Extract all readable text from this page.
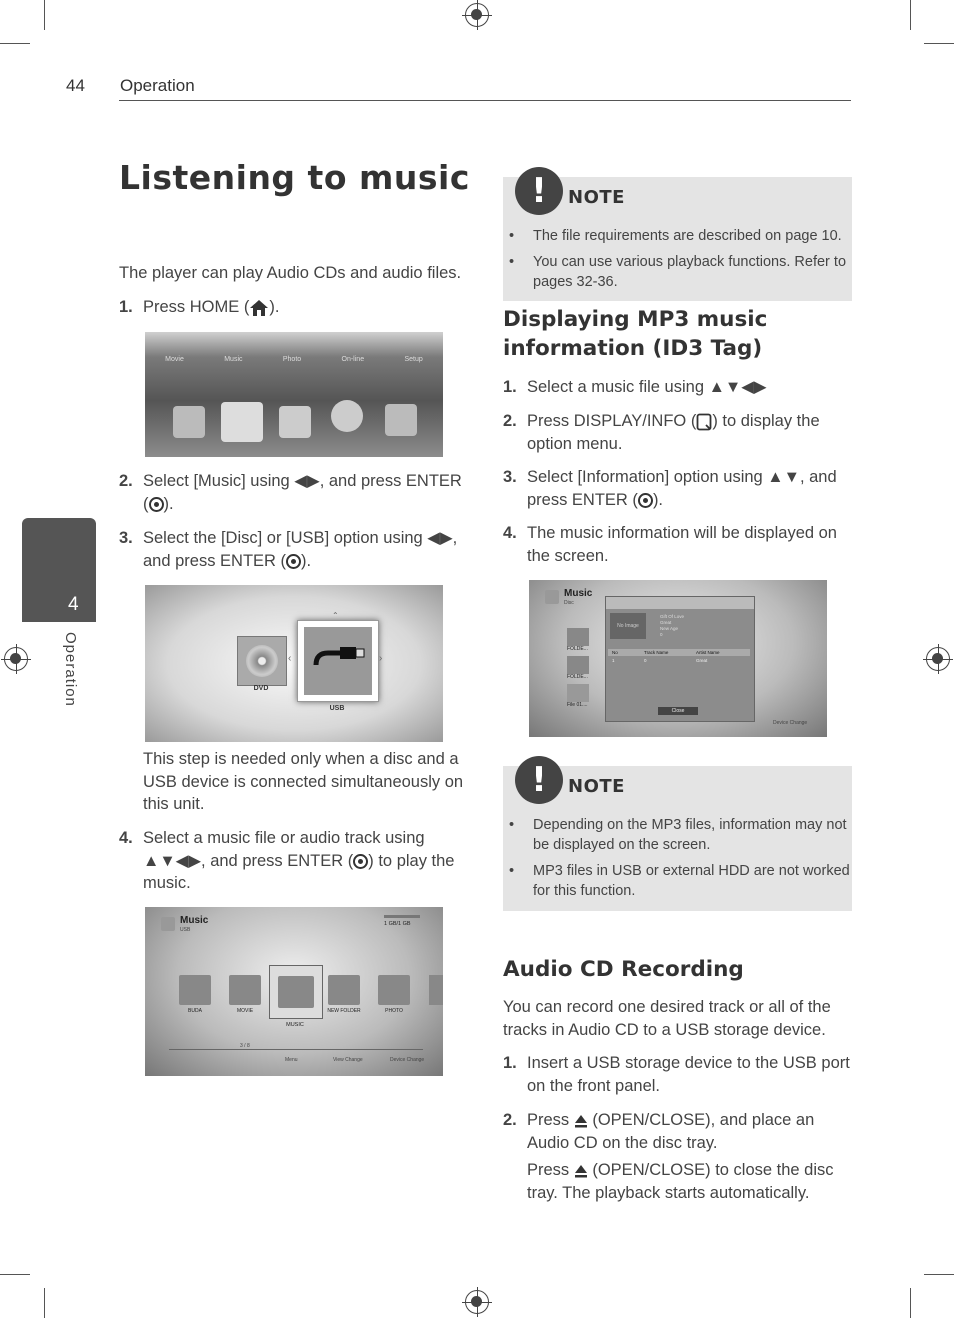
44 Operation
4
Operation
Listening to music
The player can play Audio CDs and audio files.
1. Press HOME ( ).
Movie	Music	Photo	On-line	Setup
2. Select [Music] using ◀▶, and press ENTER ( ).
3. Select the [Disc] or [USB] option using ◀▶, and press ENTER ( ).
DVD
USB
⌃
‹	›
This step is needed only when a disc and a USB device is connected simultaneously on this unit.
4. Select a music file or audio track using ▲▼◀▶, and press ENTER ( ) to play the music.
Music
USB
1 GB/1 GB
BUDA	MOVIE
MUSIC
NEW FOLDER	PHOTO
3 / 8
Menu	View Change	Device Change
!	NOTE
• The file requirements are described on page 10.
• You can use various playback functions. Refer to pages 32-36.
Displaying MP3 music information (ID3 Tag)
1. Select a music file using ▲▼◀▶
2. Press DISPLAY/INFO ( ) to display the option menu.
3. Select [Information] option using ▲▼, and press ENTER ( ).
4. The music information will be displayed on the screen.
Music
Disc
FOLDE...
FOLDE...
File 01....
No Image
Gift Of Love
Great
New Age
0
No	Track Name	Artist Name
1	0	Great
Close
Device Change
!	NOTE
• Depending on the MP3 files, information may not be displayed on the screen.
• MP3 files in USB or external HDD are not worked for this function.
Audio CD Recording
You can record one desired track or all of the tracks in Audio CD to a USB storage device.
1. Insert a USB storage device to the USB port on the front panel.
2. Press  (OPEN/CLOSE), and place an Audio CD on the disc tray.
Press  (OPEN/CLOSE) to close the disc tray. The playback starts automatically.
